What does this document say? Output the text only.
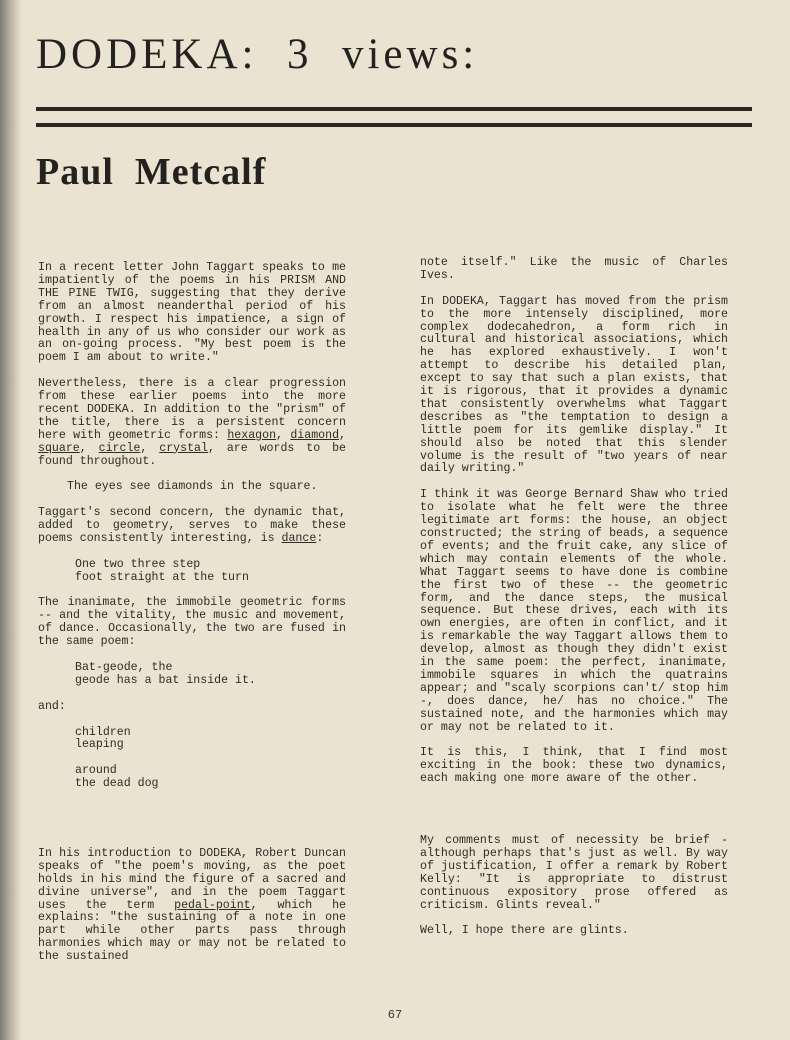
DODEKA:  3  views:
Paul  Metcalf

In a recent letter John Taggart speaks to me impatiently of the poems in his PRISM AND THE PINE TWIG, suggesting that they derive from an almost neanderthal period of his growth. I respect his impatience, a sign of health in any of us who consider our work as an on-going process. "My best poem is the poem I am about to write."

Nevertheless, there is a clear progression from these earlier poems into the more recent DODEKA. In addition to the "prism" of the title, there is a persistent concern here with geometric forms: hexagon, diamond, square, circle, crystal, are words to be found throughout.

The eyes see diamonds in the square.

Taggart's second concern, the dynamic that, added to geometry, serves to make these poems consistently interesting, is dance:

One two three step
foot straight at the turn

The inanimate, the immobile geometric forms -- and the vitality, the music and movement, of dance. Occasionally, the two are fused in the same poem:

Bat-geode, the
geode has a bat inside it.

and:

children
leaping
around
the dead dog

In his introduction to DODEKA, Robert Duncan speaks of "the poem's moving, as the poet holds in his mind the figure of a sacred and divine universe", and in the poem Taggart uses the term pedal-point, which he explains: "the sustaining of a note in one part while other parts pass through harmonies which may or may not be related to the sustained

note itself." Like the music of Charles Ives.

In DODEKA, Taggart has moved from the prism to the more intensely disciplined, more complex dodecahedron, a form rich in cultural and historical associations, which he has explored exhaustively. I won't attempt to describe his detailed plan, except to say that such a plan exists, that it is rigorous, that it provides a dynamic that consistently overwhelms what Taggart describes as "the temptation to design a little poem for its gemlike display." It should also be noted that this slender volume is the result of "two years of near daily writing."

I think it was George Bernard Shaw who tried to isolate what he felt were the three legitimate art forms: the house, an object constructed; the string of beads, a sequence of events; and the fruit cake, any slice of which may contain elements of the whole. What Taggart seems to have done is combine the first two of these -- the geometric form, and the dance steps, the musical sequence. But these drives, each with its own energies, are often in conflict, and it is remarkable the way Taggart allows them to develop, almost as though they didn't exist in the same poem: the perfect, inanimate, immobile squares in which the quatrains appear; and "scaly scorpions can't/ stop him -, does dance, he/ has no choice." The sustained note, and the harmonies which may or may not be related to it.

It is this, I think, that I find most exciting in the book: these two dynamics, each making one more aware of the other.

My comments must of necessity be brief - although perhaps that's just as well. By way of justification, I offer a remark by Robert Kelly: "It is appropriate to distrust continuous expository prose offered as criticism. Glints reveal."

Well, I hope there are glints.

67
